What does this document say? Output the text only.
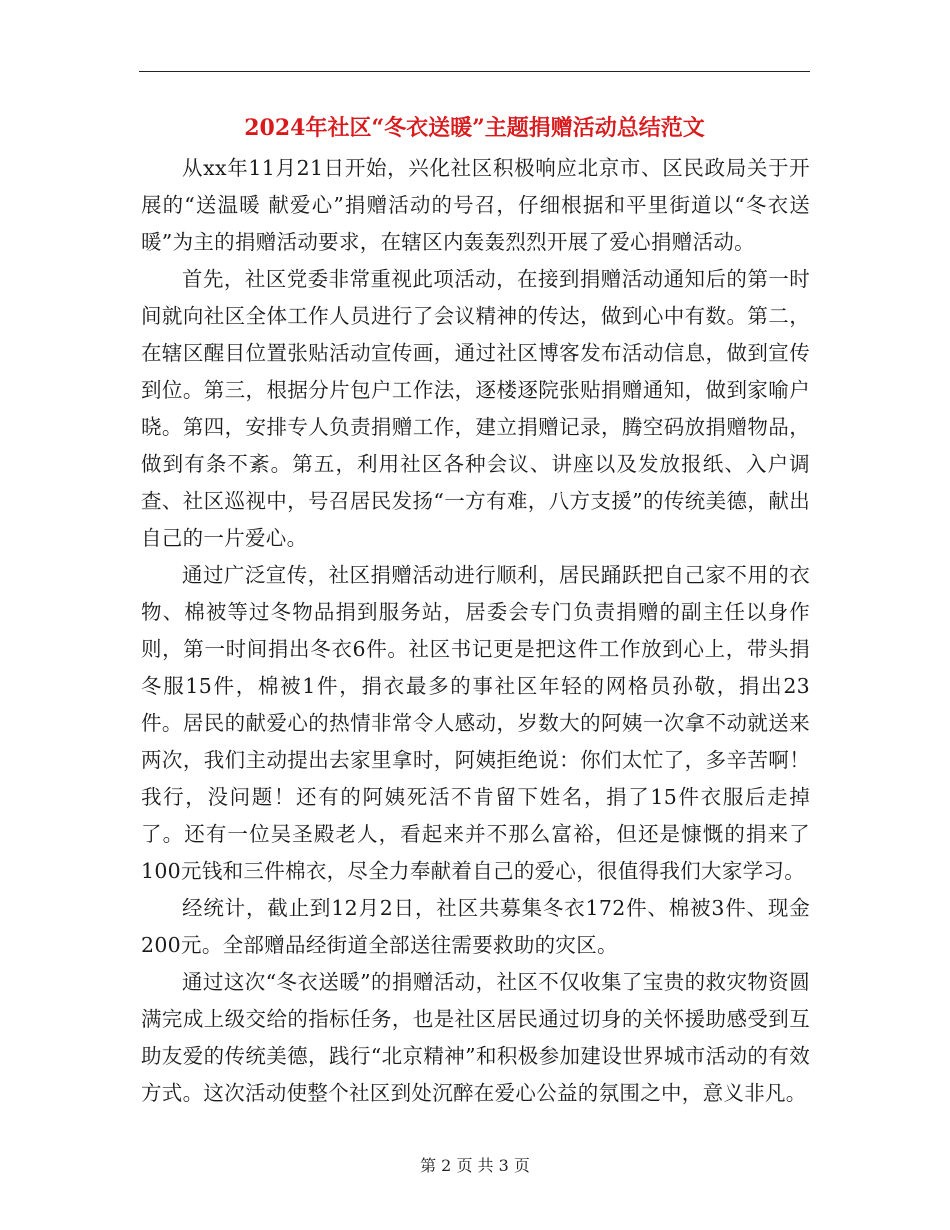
2024年社区“冬衣送暖”主题捐赠活动总结范文

从xx年11月21日开始，兴化社区积极响应北京市、区民政局关于开展的“送温暖 献爱心”捐赠活动的号召，仔细根据和平里街道以“冬衣送暖”为主的捐赠活动要求，在辖区内轰轰烈烈开展了爱心捐赠活动。

首先，社区党委非常重视此项活动，在接到捐赠活动通知后的第一时间就向社区全体工作人员进行了会议精神的传达，做到心中有数。第二，在辖区醒目位置张贴活动宣传画，通过社区博客发布活动信息，做到宣传到位。第三，根据分片包户工作法，逐楼逐院张贴捐赠通知，做到家喻户晓。第四，安排专人负责捐赠工作，建立捐赠记录，腾空码放捐赠物品，做到有条不紊。第五，利用社区各种会议、讲座以及发放报纸、入户调查、社区巡视中，号召居民发扬“一方有难，八方支援”的传统美德，献出自己的一片爱心。

通过广泛宣传，社区捐赠活动进行顺利，居民踊跃把自己家不用的衣物、棉被等过冬物品捐到服务站，居委会专门负责捐赠的副主任以身作则，第一时间捐出冬衣6件。社区书记更是把这件工作放到心上，带头捐冬服15件，棉被1件，捐衣最多的事社区年轻的网格员孙敬，捐出23件。居民的献爱心的热情非常令人感动，岁数大的阿姨一次拿不动就送来两次，我们主动提出去家里拿时，阿姨拒绝说：你们太忙了，多辛苦啊！我行，没问题！还有的阿姨死活不肯留下姓名，捐了15件衣服后走掉了。还有一位吴圣殿老人，看起来并不那么富裕，但还是慷慨的捐来了100元钱和三件棉衣，尽全力奉献着自己的爱心，很值得我们大家学习。

经统计，截止到12月2日，社区共募集冬衣172件、棉被3件、现金200元。全部赠品经街道全部送往需要救助的灾区。

通过这次“冬衣送暖”的捐赠活动，社区不仅收集了宝贵的救灾物资圆满完成上级交给的指标任务，也是社区居民通过切身的关怀援助感受到互助友爱的传统美德，践行“北京精神”和积极参加建设世界城市活动的有效方式。这次活动使整个社区到处沉醉在爱心公益的氛围之中，意义非凡。

第 2 页 共 3 页
